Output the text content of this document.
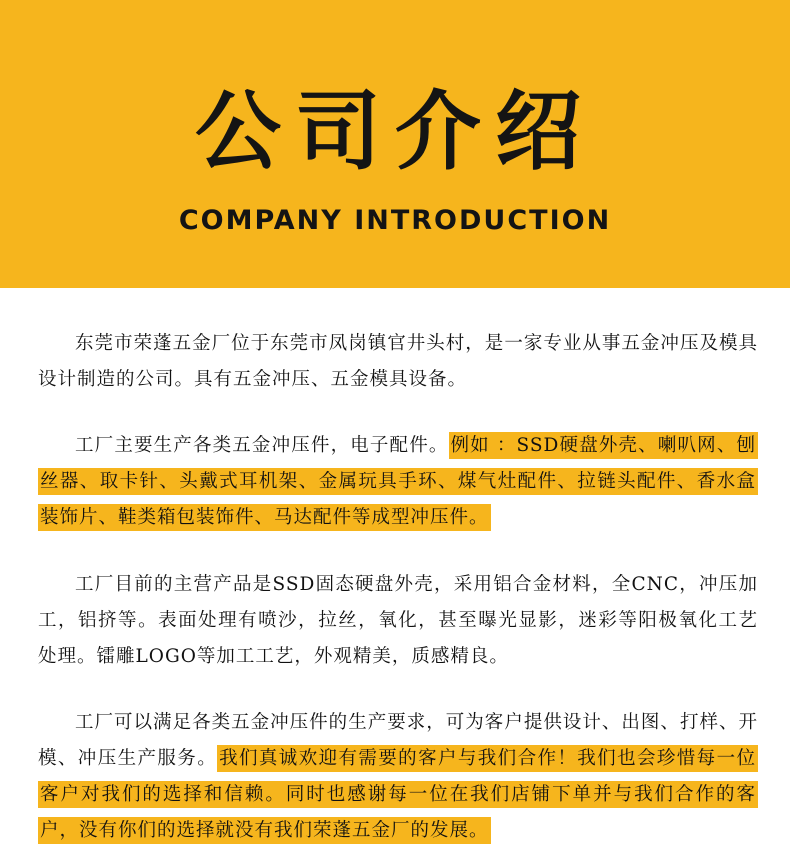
公司介绍
COMPANY INTRODUCTION

东莞市荣蓬五金厂位于东莞市凤岗镇官井头村，是一家专业从事五金冲压及模具设计制造的公司。具有五金冲压、五金模具设备。

工厂主要生产各类五金冲压件，电子配件。 例如 ：SSD硬盘外壳、喇叭网、刨丝器、取卡针、头戴式耳机架、金属玩具手环、煤气灶配件、拉链头配件、香水盒装饰片、鞋类箱包装饰件、马达配件等成型冲压件。

工厂目前的主营产品是SSD固态硬盘外壳，采用铝合金材料，全CNC，冲压加工，铝挤等。表面处理有喷沙，拉丝，氧化，甚至曝光显影，迷彩等阳极氧化工艺处理。镭雕LOGO等加工工艺，外观精美，质感精良。

工厂可以满足各类五金冲压件的生产要求，可为客户提供设计、出图、打样、开模、冲压生产服务。 我们真诚欢迎有需要的客户与我们合作！我们也会珍惜每一位客户对我们的选择和信赖。同时也感谢每一位在我们店铺下单并与我们合作的客户，没有你们的选择就没有我们荣蓬五金厂的发展。
